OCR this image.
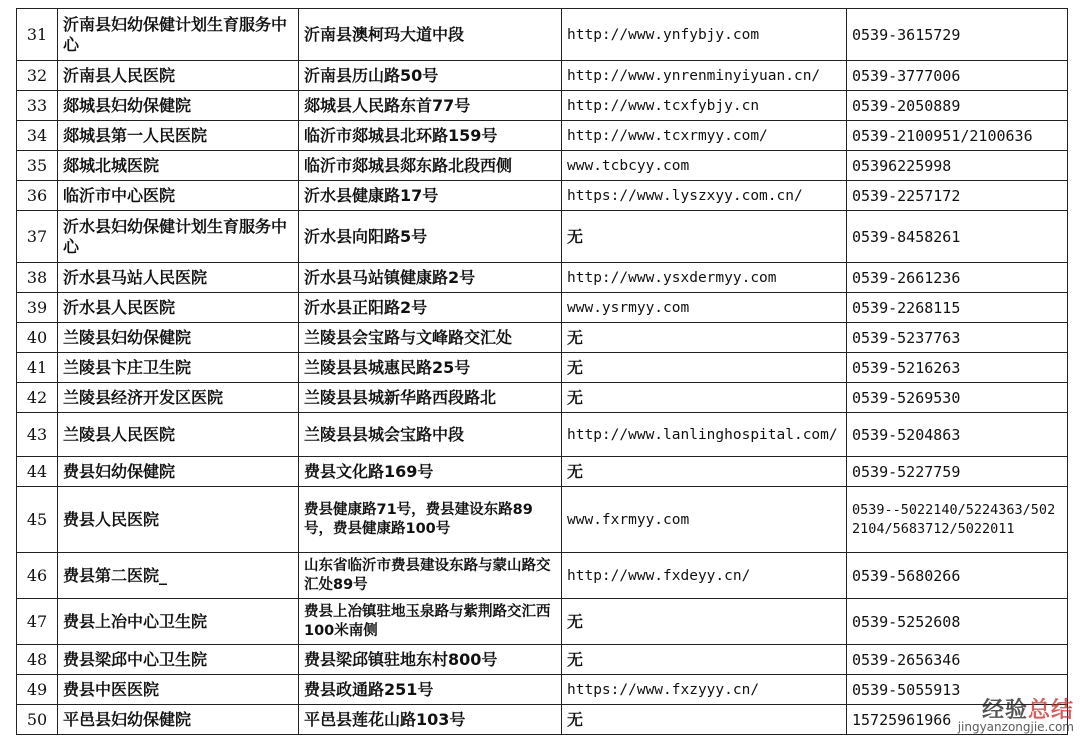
31	沂南县妇幼保健计划生育服务中心	沂南县澳柯玛大道中段	http://www.ynfybjy.com	0539-3615729
32	沂南县人民医院	沂南县历山路50号	http://www.ynrenminyiyuan.cn/	0539-3777006
33	郯城县妇幼保健院	郯城县人民路东首77号	http://www.tcxfybjy.cn	0539-2050889
34	郯城县第一人民医院	临沂市郯城县北环路159号	http://www.tcxrmyy.com/	0539-2100951/2100636
35	郯城北城医院	临沂市郯城县郯东路北段西侧	www.tcbcyy.com	05396225998
36	临沂市中心医院	沂水县健康路17号	https://www.lyszxyy.com.cn/	0539-2257172
37	沂水县妇幼保健计划生育服务中心	沂水县向阳路5号	无	0539-8458261
38	沂水县马站人民医院	沂水县马站镇健康路2号	http://www.ysxdermyy.com	0539-2661236
39	沂水县人民医院	沂水县正阳路2号	www.ysrmyy.com	0539-2268115
40	兰陵县妇幼保健院	兰陵县会宝路与文峰路交汇处	无	0539-5237763
41	兰陵县卞庄卫生院	兰陵县县城惠民路25号	无	0539-5216263
42	兰陵县经济开发区医院	兰陵县县城新华路西段路北	无	0539-5269530
43	兰陵县人民医院	兰陵县县城会宝路中段	http://www.lanlinghospital.com/	0539-5204863
44	费县妇幼保健院	费县文化路169号	无	0539-5227759
45	费县人民医院	费县健康路71号，费县建设东路89号，费县健康路100号	www.fxrmyy.com	0539--5022140/5224363/5022104/5683712/5022011
46	费县第二医院_	山东省临沂市费县建设东路与蒙山路交汇处89号	http://www.fxdeyy.cn/	0539-5680266
47	费县上冶中心卫生院	费县上冶镇驻地玉泉路与紫荆路交汇西100米南侧	无	0539-5252608
48	费县梁邱中心卫生院	费县梁邱镇驻地东村800号	无	0539-2656346
49	费县中医医院	费县政通路251号	https://www.fxzyyy.cn/	0539-5055913
50	平邑县妇幼保健院	平邑县莲花山路103号	无	15725961966	经验总结
jingyanzongjie.com
